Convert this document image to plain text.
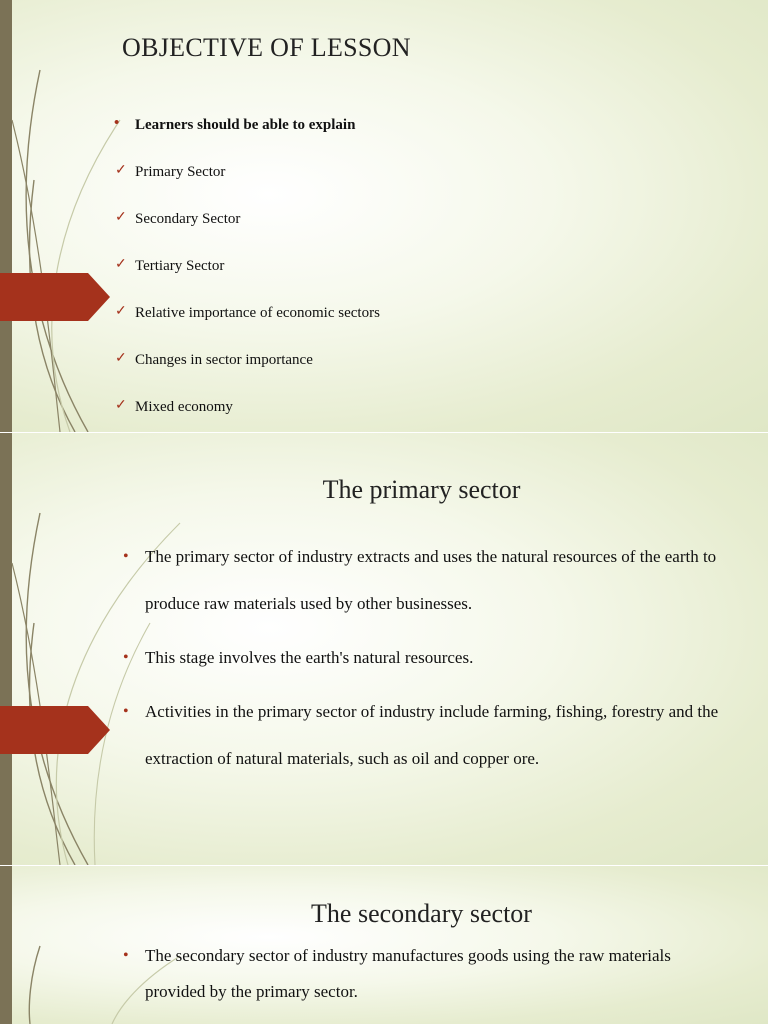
OBJECTIVE OF LESSON
• Learners should be able to explain
✓ Primary Sector
✓ Secondary Sector
✓ Tertiary Sector
✓ Relative importance of economic sectors
✓ Changes in sector importance
✓ Mixed economy
The primary sector
• The primary sector of industry extracts and uses the natural resources of the earth to produce raw materials used by other businesses.
• This stage involves the earth's natural resources.
• Activities in the primary sector of industry include farming, fishing, forestry and the extraction of natural materials, such as oil and copper ore.
The secondary sector
• The secondary sector of industry manufactures goods using the raw materials provided by the primary sector.
